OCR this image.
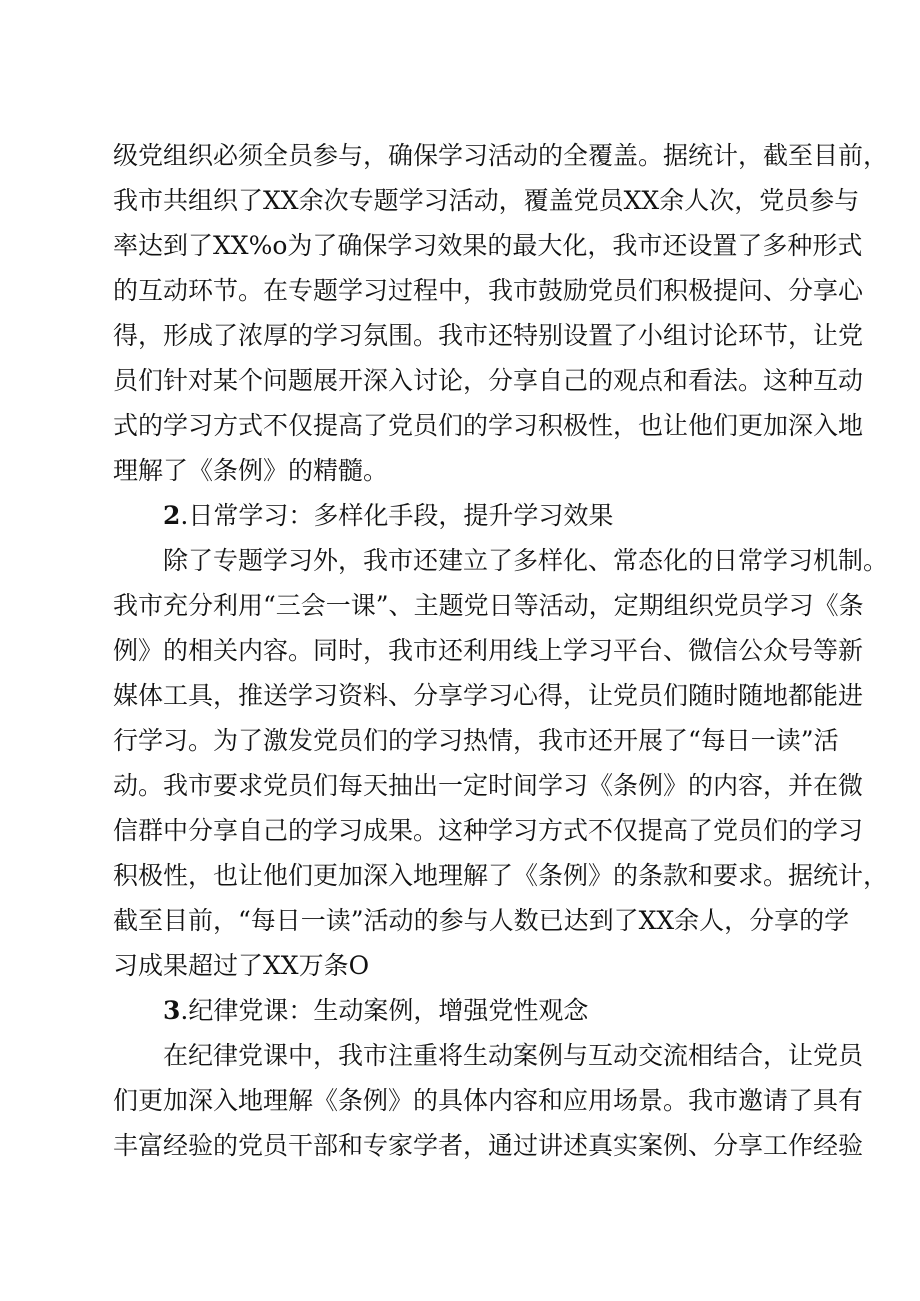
级党组织必须全员参与，确保学习活动的全覆盖。据统计，截至目前，
我市共组织了XX余次专题学习活动，覆盖党员XX余人次，党员参与
率达到了XX%o为了确保学习效果的最大化，我市还设置了多种形式
的互动环节。在专题学习过程中，我市鼓励党员们积极提问、分享心
得，形成了浓厚的学习氛围。我市还特别设置了小组讨论环节，让党
员们针对某个问题展开深入讨论，分享自己的观点和看法。这种互动
式的学习方式不仅提高了党员们的学习积极性，也让他们更加深入地
理解了《条例》的精髓。
2.日常学习：多样化手段，提升学习效果
除了专题学习外，我市还建立了多样化、常态化的日常学习机制。
我市充分利用“三会一课”、主题党日等活动，定期组织党员学习《条
例》的相关内容。同时，我市还利用线上学习平台、微信公众号等新
媒体工具，推送学习资料、分享学习心得，让党员们随时随地都能进
行学习。为了激发党员们的学习热情，我市还开展了“每日一读”活
动。我市要求党员们每天抽出一定时间学习《条例》的内容，并在微
信群中分享自己的学习成果。这种学习方式不仅提高了党员们的学习
积极性，也让他们更加深入地理解了《条例》的条款和要求。据统计，
截至目前，“每日一读”活动的参与人数已达到了XX余人，分享的学
习成果超过了XX万条O
3.纪律党课：生动案例，增强党性观念
在纪律党课中，我市注重将生动案例与互动交流相结合，让党员
们更加深入地理解《条例》的具体内容和应用场景。我市邀请了具有
丰富经验的党员干部和专家学者，通过讲述真实案例、分享工作经验
